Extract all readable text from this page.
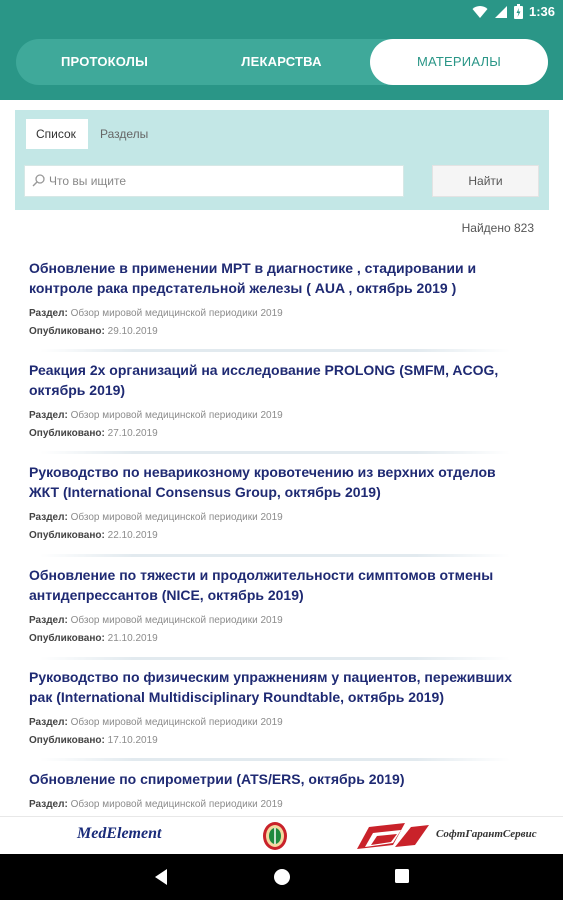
1:36
ПРОТОКОЛЫ	ЛЕКАРСТВА	МАТЕРИАЛЫ
Список	Разделы
Что вы ищите
Найти
Найдено 823
Обновление в применении МРТ в диагностике , стадировании и контроле рака предстательной железы ( AUA , октябрь 2019 )
Раздел: Обзор мировой медицинской периодики 2019
Опубликовано: 29.10.2019
Реакция 2х организаций на исследование PROLONG (SMFM, ACOG, октябрь 2019)
Раздел: Обзор мировой медицинской периодики 2019
Опубликовано: 27.10.2019
Руководство по неварикозному кровотечению из верхних отделов ЖКТ (International Consensus Group, октябрь 2019)
Раздел: Обзор мировой медицинской периодики 2019
Опубликовано: 22.10.2019
Обновление по тяжести и продолжительности симптомов отмены антидепрессантов (NICE, октябрь 2019)
Раздел: Обзор мировой медицинской периодики 2019
Опубликовано: 21.10.2019
Руководство по физическим упражнениям у пациентов, переживших рак (International Multidisciplinary Roundtable, октябрь 2019)
Раздел: Обзор мировой медицинской периодики 2019
Опубликовано: 17.10.2019
Обновление по спирометрии (ATS/ERS, октябрь 2019)
Раздел: Обзор мировой медицинской периодики 2019
MedElement	СофтГарантСервис
